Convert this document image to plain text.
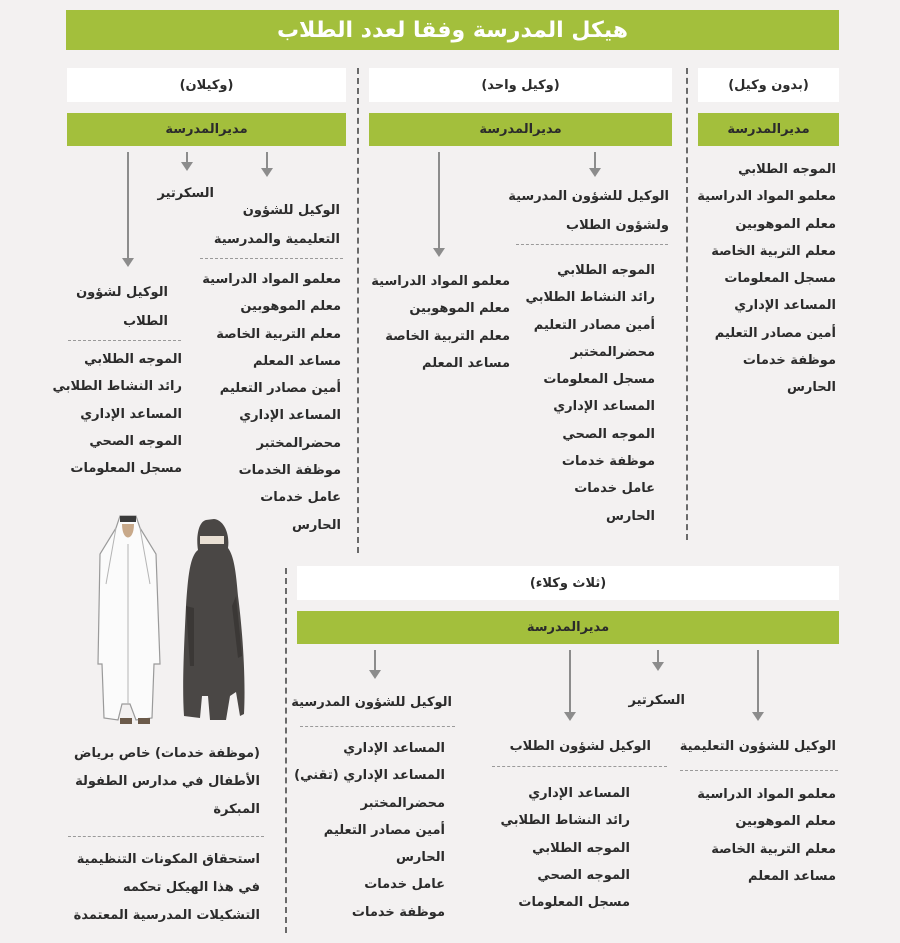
هيكل المدرسة وفقا لعدد الطلاب
(بدون وكيل)
مديرالمدرسة
الموجه الطلابي
معلمو المواد الدراسية
معلم الموهوبين
معلم التربية الخاصة
مسجل المعلومات
المساعد الإداري
أمين مصادر التعليم
موظفة خدمات
الحارس
(وكيل واحد)
مديرالمدرسة
الوكيل للشؤون المدرسية
ولشؤون الطلاب
الموجه الطلابي
رائد النشاط الطلابي
أمين مصادر التعليم
محضرالمختبر
مسجل المعلومات
المساعد الإداري
الموجه الصحي
موظفة خدمات
عامل خدمات
الحارس
معلمو المواد الدراسية
معلم الموهوبين
معلم التربية الخاصة
مساعد المعلم
(وكيلان)
مديرالمدرسة
السكرتير
الوكيل للشؤون
التعليمية والمدرسية
معلمو المواد الدراسية
معلم الموهوبين
معلم التربية الخاصة
مساعد المعلم
أمين مصادر التعليم
المساعد الإداري
محضرالمختبر
موظفة الخدمات
عامل خدمات
الحارس
الوكيل لشؤون
الطلاب
الموجه الطلابي
رائد النشاط الطلابي
المساعد الإداري
الموجه الصحي
مسجل المعلومات
(ثلاث وكلاء)
مديرالمدرسة
السكرتير
الوكيل للشؤون المدرسية
المساعد الإداري
المساعد الإداري (تقني)
محضرالمختبر
أمين مصادر التعليم
الحارس
عامل خدمات
موظفة خدمات
الوكيل لشؤون الطلاب
المساعد الإداري
رائد النشاط الطلابي
الموجه الطلابي
الموجه الصحي
مسجل المعلومات
الوكيل للشؤون التعليمية
معلمو المواد الدراسية
معلم الموهوبين
معلم التربية الخاصة
مساعد المعلم
(موظفة خدمات) خاص برياض
الأطفال في مدارس الطفولة
المبكرة
استحقاق المكونات التنظيمية
في هذا الهيكل تحكمه
التشكيلات المدرسية المعتمدة
